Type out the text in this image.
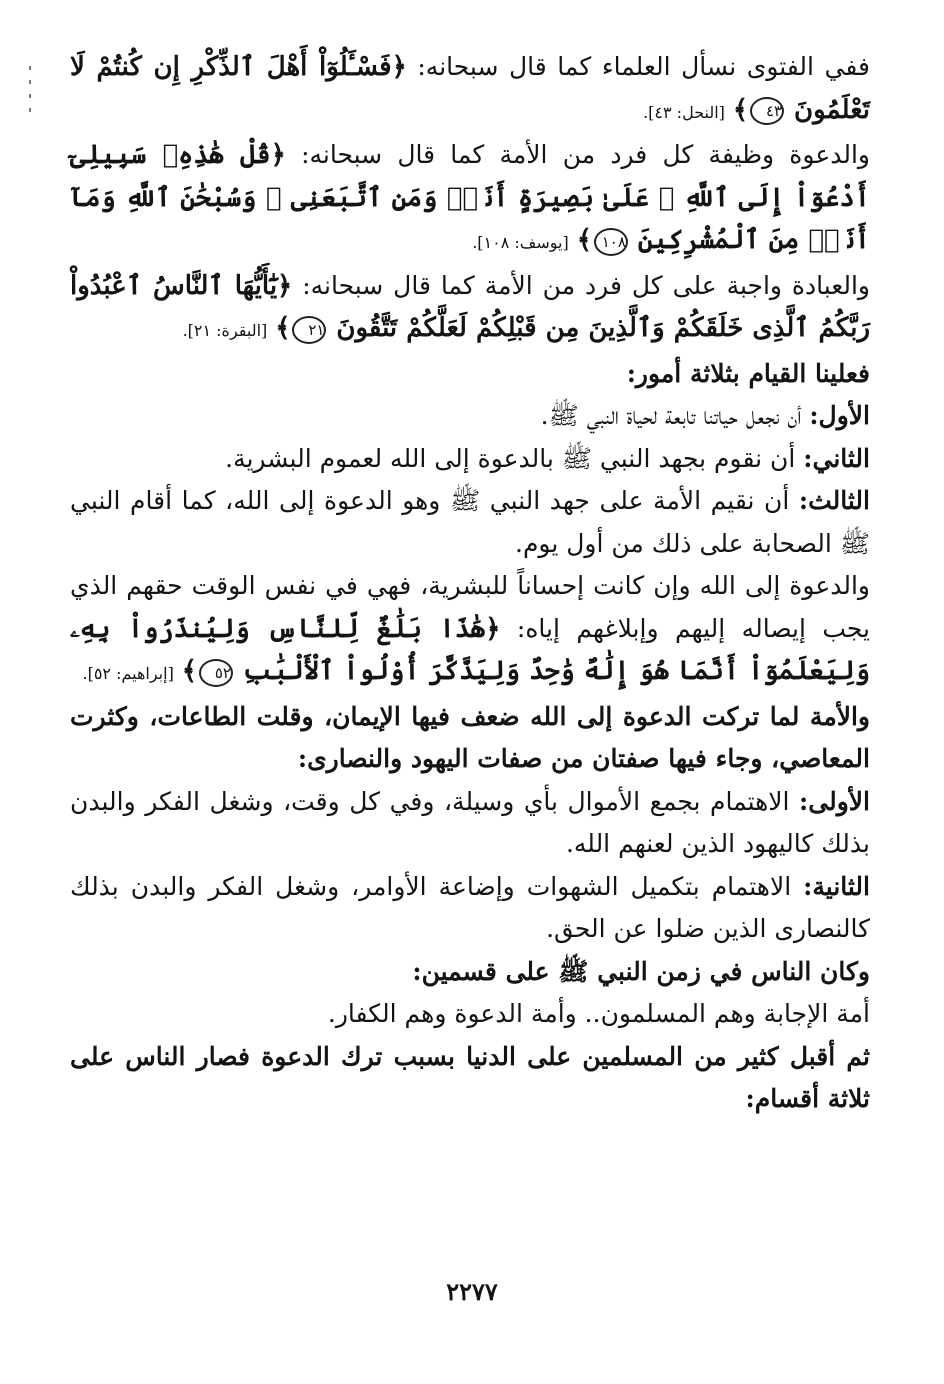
ففي الفتوى نسأل العلماء كما قال سبحانه: ﴿فَسْـَٔلُوٓاْ أَهْلَ ٱلذِّكْرِ إِن كُنتُمْ لَا تَعْلَمُونَ ٤٣﴾ [النحل: ٤٣].

والدعوة وظيفة كل فرد من الأمة كما قال سبحانه: ﴿قُلْ هَٰذِهِۦ سَبِيلِىٓ أَدْعُوٓاْ إِلَى ٱللَّهِ ۚ عَلَىٰ بَصِيرَةٍ أَنَا۠ وَمَنِ ٱتَّبَعَنِى ۖ وَسُبْحَٰنَ ٱللَّهِ وَمَآ أَنَا۠ مِنَ ٱلْمُشْرِكِينَ ١٠٨﴾ [يوسف: ١٠٨].

والعبادة واجبة على كل فرد من الأمة كما قال سبحانه: ﴿يَٰٓأَيُّهَا ٱلنَّاسُ ٱعْبُدُواْ رَبَّكُمُ ٱلَّذِى خَلَقَكُمْ وَٱلَّذِينَ مِن قَبْلِكُمْ لَعَلَّكُمْ تَتَّقُونَ ٢١﴾ [البقرة: ٢١].

فعلينا القيام بثلاثة أمور:

الأول: أن نجعل حياتنا تابعة لحياة النبي ﷺ.

الثاني: أن نقوم بجهد النبي ﷺ بالدعوة إلى الله لعموم البشرية.

الثالث: أن نقيم الأمة على جهد النبي ﷺ وهو الدعوة إلى الله، كما أقام النبي ﷺ الصحابة على ذلك من أول يوم.

والدعوة إلى الله وإن كانت إحساناً للبشرية، فهي في نفس الوقت حقهم الذي يجب إيصاله إليهم وإبلاغهم إياه: ﴿هَٰذَا بَلَٰغٌ لِّلنَّاسِ وَلِيُنذَرُواْ بِهِۦ وَلِيَعْلَمُوٓاْ أَنَّمَا هُوَ إِلَٰهٌ وَٰحِدٌ وَلِيَذَّكَّرَ أُوْلُواْ ٱلْأَلْبَٰبِ ٥٢﴾ [إبراهيم: ٥٢].

والأمة لما تركت الدعوة إلى الله ضعف فيها الإيمان، وقلت الطاعات، وكثرت المعاصي، وجاء فيها صفتان من صفات اليهود والنصارى:

الأولى: الاهتمام بجمع الأموال بأي وسيلة، وفي كل وقت، وشغل الفكر والبدن بذلك كاليهود الذين لعنهم الله.

الثانية: الاهتمام بتكميل الشهوات وإضاعة الأوامر، وشغل الفكر والبدن بذلك كالنصارى الذين ضلوا عن الحق.

وكان الناس في زمن النبي ﷺ على قسمين:

أمة الإجابة وهم المسلمون.. وأمة الدعوة وهم الكفار.

ثم أقبل كثير من المسلمين على الدنيا بسبب ترك الدعوة فصار الناس على ثلاثة أقسام:

٢٢٧٧
